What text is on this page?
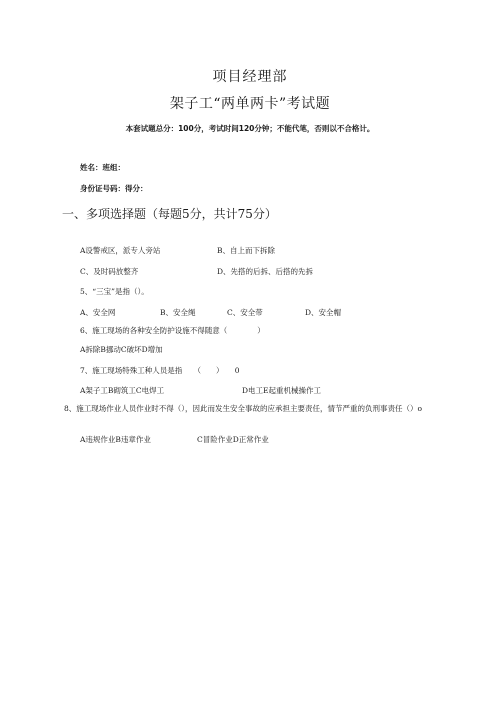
项目经理部
架子工“两单两卡”考试题
本套试题总分：100分，考试时间120分钟；不能代笔，否则以不合格计。
姓名：班组：
身份证号码：得分：
一、多项选择题（每题5分，共计75分）
A设警戒区，派专人旁站	B、自上而下拆除
C、及时码放整齐	D、先搭的后拆、后搭的先拆
5、“三宝”是指（）。
A、安全网	B、安全绳	C、安全带	D、安全帽
6、施工现场的各种安全防护设施不得随意（　　　　）
A拆除B挪动C破坏D增加
7、施工现场特殊工种人员是指　　（　　）　　0
A架子工B砌筑工C电焊工	D电工E起重机械操作工
8、施工现场作业人员作业时不得（），因此而发生安全事故的应承担主要责任，情节严重的负刑事责任（）o
A违规作业B违章作业	C冒险作业D正常作业
